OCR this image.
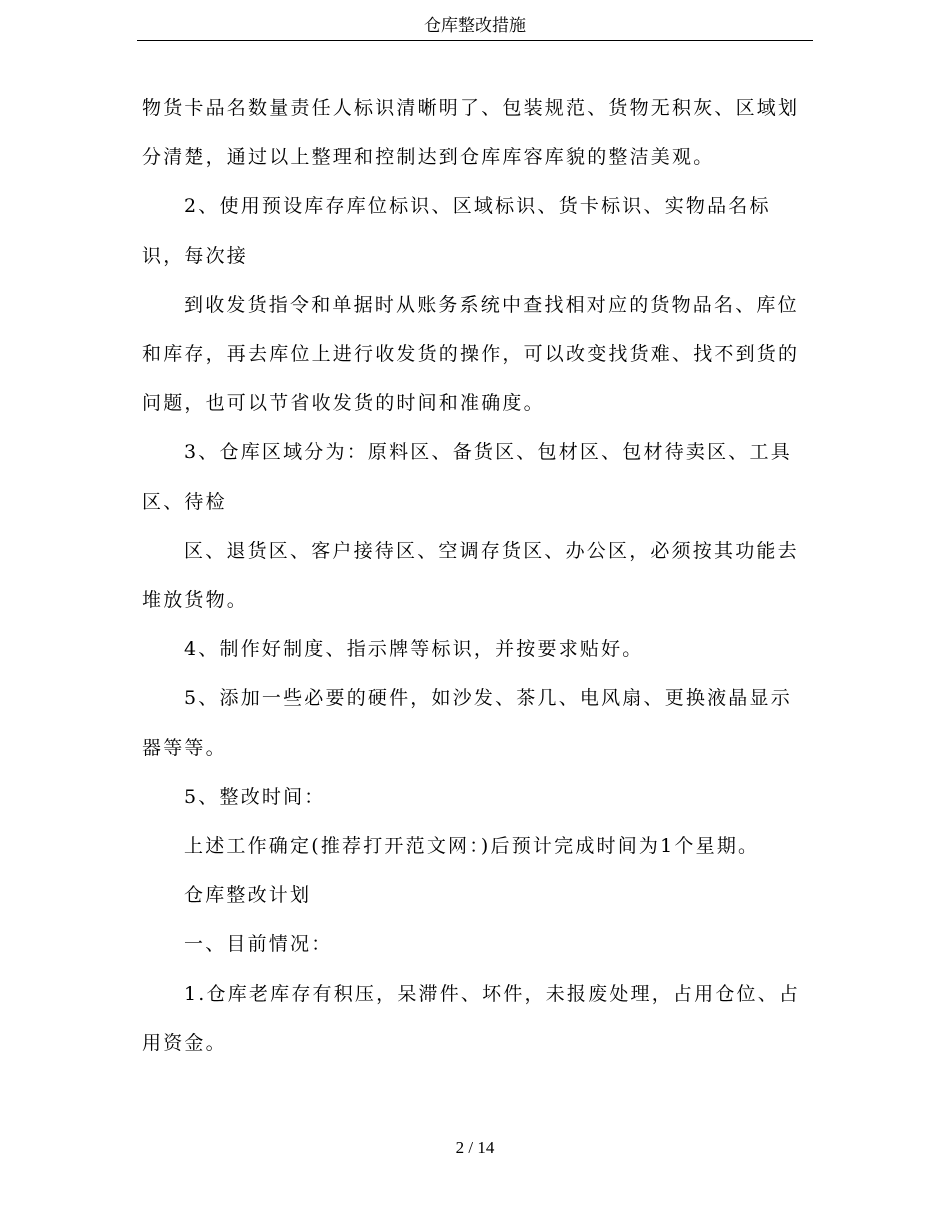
仓库整改措施

物货卡品名数量责任人标识清晰明了、包装规范、货物无积灰、区域划分清楚，通过以上整理和控制达到仓库库容库貌的整洁美观。

2、使用预设库存库位标识、区域标识、货卡标识、实物品名标识，每次接

到收发货指令和单据时从账务系统中查找相对应的货物品名、库位和库存，再去库位上进行收发货的操作，可以改变找货难、找不到货的问题，也可以节省收发货的时间和准确度。

3、仓库区域分为：原料区、备货区、包材区、包材待卖区、工具区、待检

区、退货区、客户接待区、空调存货区、办公区，必须按其功能去堆放货物。

4、制作好制度、指示牌等标识，并按要求贴好。

5、添加一些必要的硬件，如沙发、茶几、电风扇、更换液晶显示器等等。

5、整改时间：

上述工作确定(推荐打开范文网：)后预计完成时间为1个星期。

仓库整改计划

一、目前情况：

1.仓库老库存有积压，呆滞件、坏件，未报废处理，占用仓位、占用资金。

2 / 14
